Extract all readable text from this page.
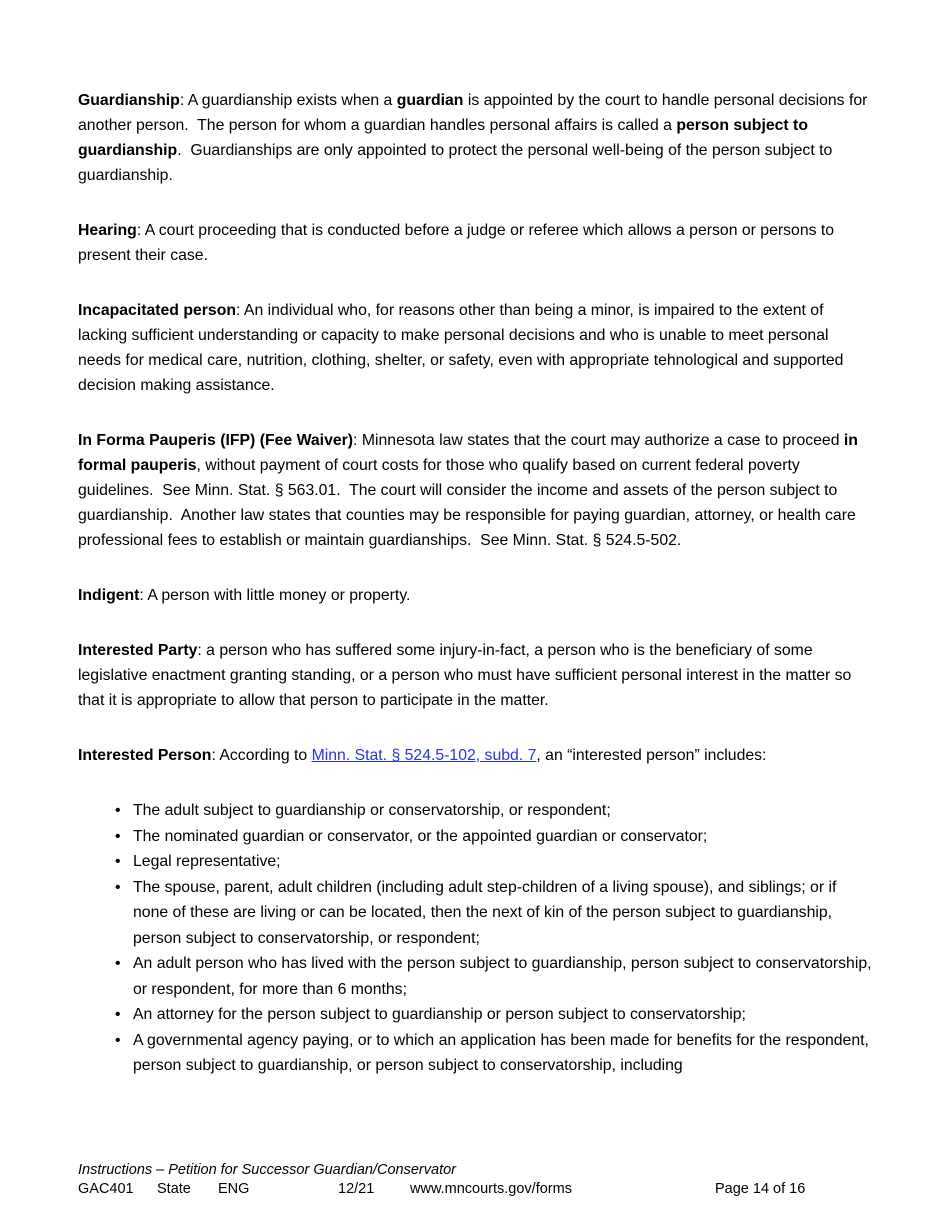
Guardianship: A guardianship exists when a guardian is appointed by the court to handle personal decisions for another person.  The person for whom a guardian handles personal affairs is called a person subject to guardianship.  Guardianships are only appointed to protect the personal well-being of the person subject to guardianship.

Hearing: A court proceeding that is conducted before a judge or referee which allows a person or persons to present their case.

Incapacitated person: An individual who, for reasons other than being a minor, is impaired to the extent of lacking sufficient understanding or capacity to make personal decisions and who is unable to meet personal needs for medical care, nutrition, clothing, shelter, or safety, even with appropriate tehnological and supported decision making assistance.

In Forma Pauperis (IFP) (Fee Waiver): Minnesota law states that the court may authorize a case to proceed in formal pauperis, without payment of court costs for those who qualify based on current federal poverty guidelines.  See Minn. Stat. § 563.01.  The court will consider the income and assets of the person subject to guardianship.  Another law states that counties may be responsible for paying guardian, attorney, or health care professional fees to establish or maintain guardianships.  See Minn. Stat. § 524.5-502.

Indigent: A person with little money or property.

Interested Party: a person who has suffered some injury-in-fact, a person who is the beneficiary of some legislative enactment granting standing, or a person who must have sufficient personal interest in the matter so that it is appropriate to allow that person to participate in the matter.

Interested Person: According to Minn. Stat. § 524.5-102, subd. 7, an “interested person” includes:

• The adult subject to guardianship or conservatorship, or respondent;
• The nominated guardian or conservator, or the appointed guardian or conservator;
• Legal representative;
• The spouse, parent, adult children (including adult step-children of a living spouse), and siblings; or if none of these are living or can be located, then the next of kin of the person subject to guardianship, person subject to conservatorship, or respondent;
• An adult person who has lived with the person subject to guardianship, person subject to conservatorship, or respondent, for more than 6 months;
• An attorney for the person subject to guardianship or person subject to conservatorship;
• A governmental agency paying, or to which an application has been made for benefits for the respondent, person subject to guardianship, or person subject to conservatorship, including
Instructions – Petition for Successor Guardian/Conservator
GAC401 State ENG	12/21 www.mncourts.gov/forms	Page 14 of 16
